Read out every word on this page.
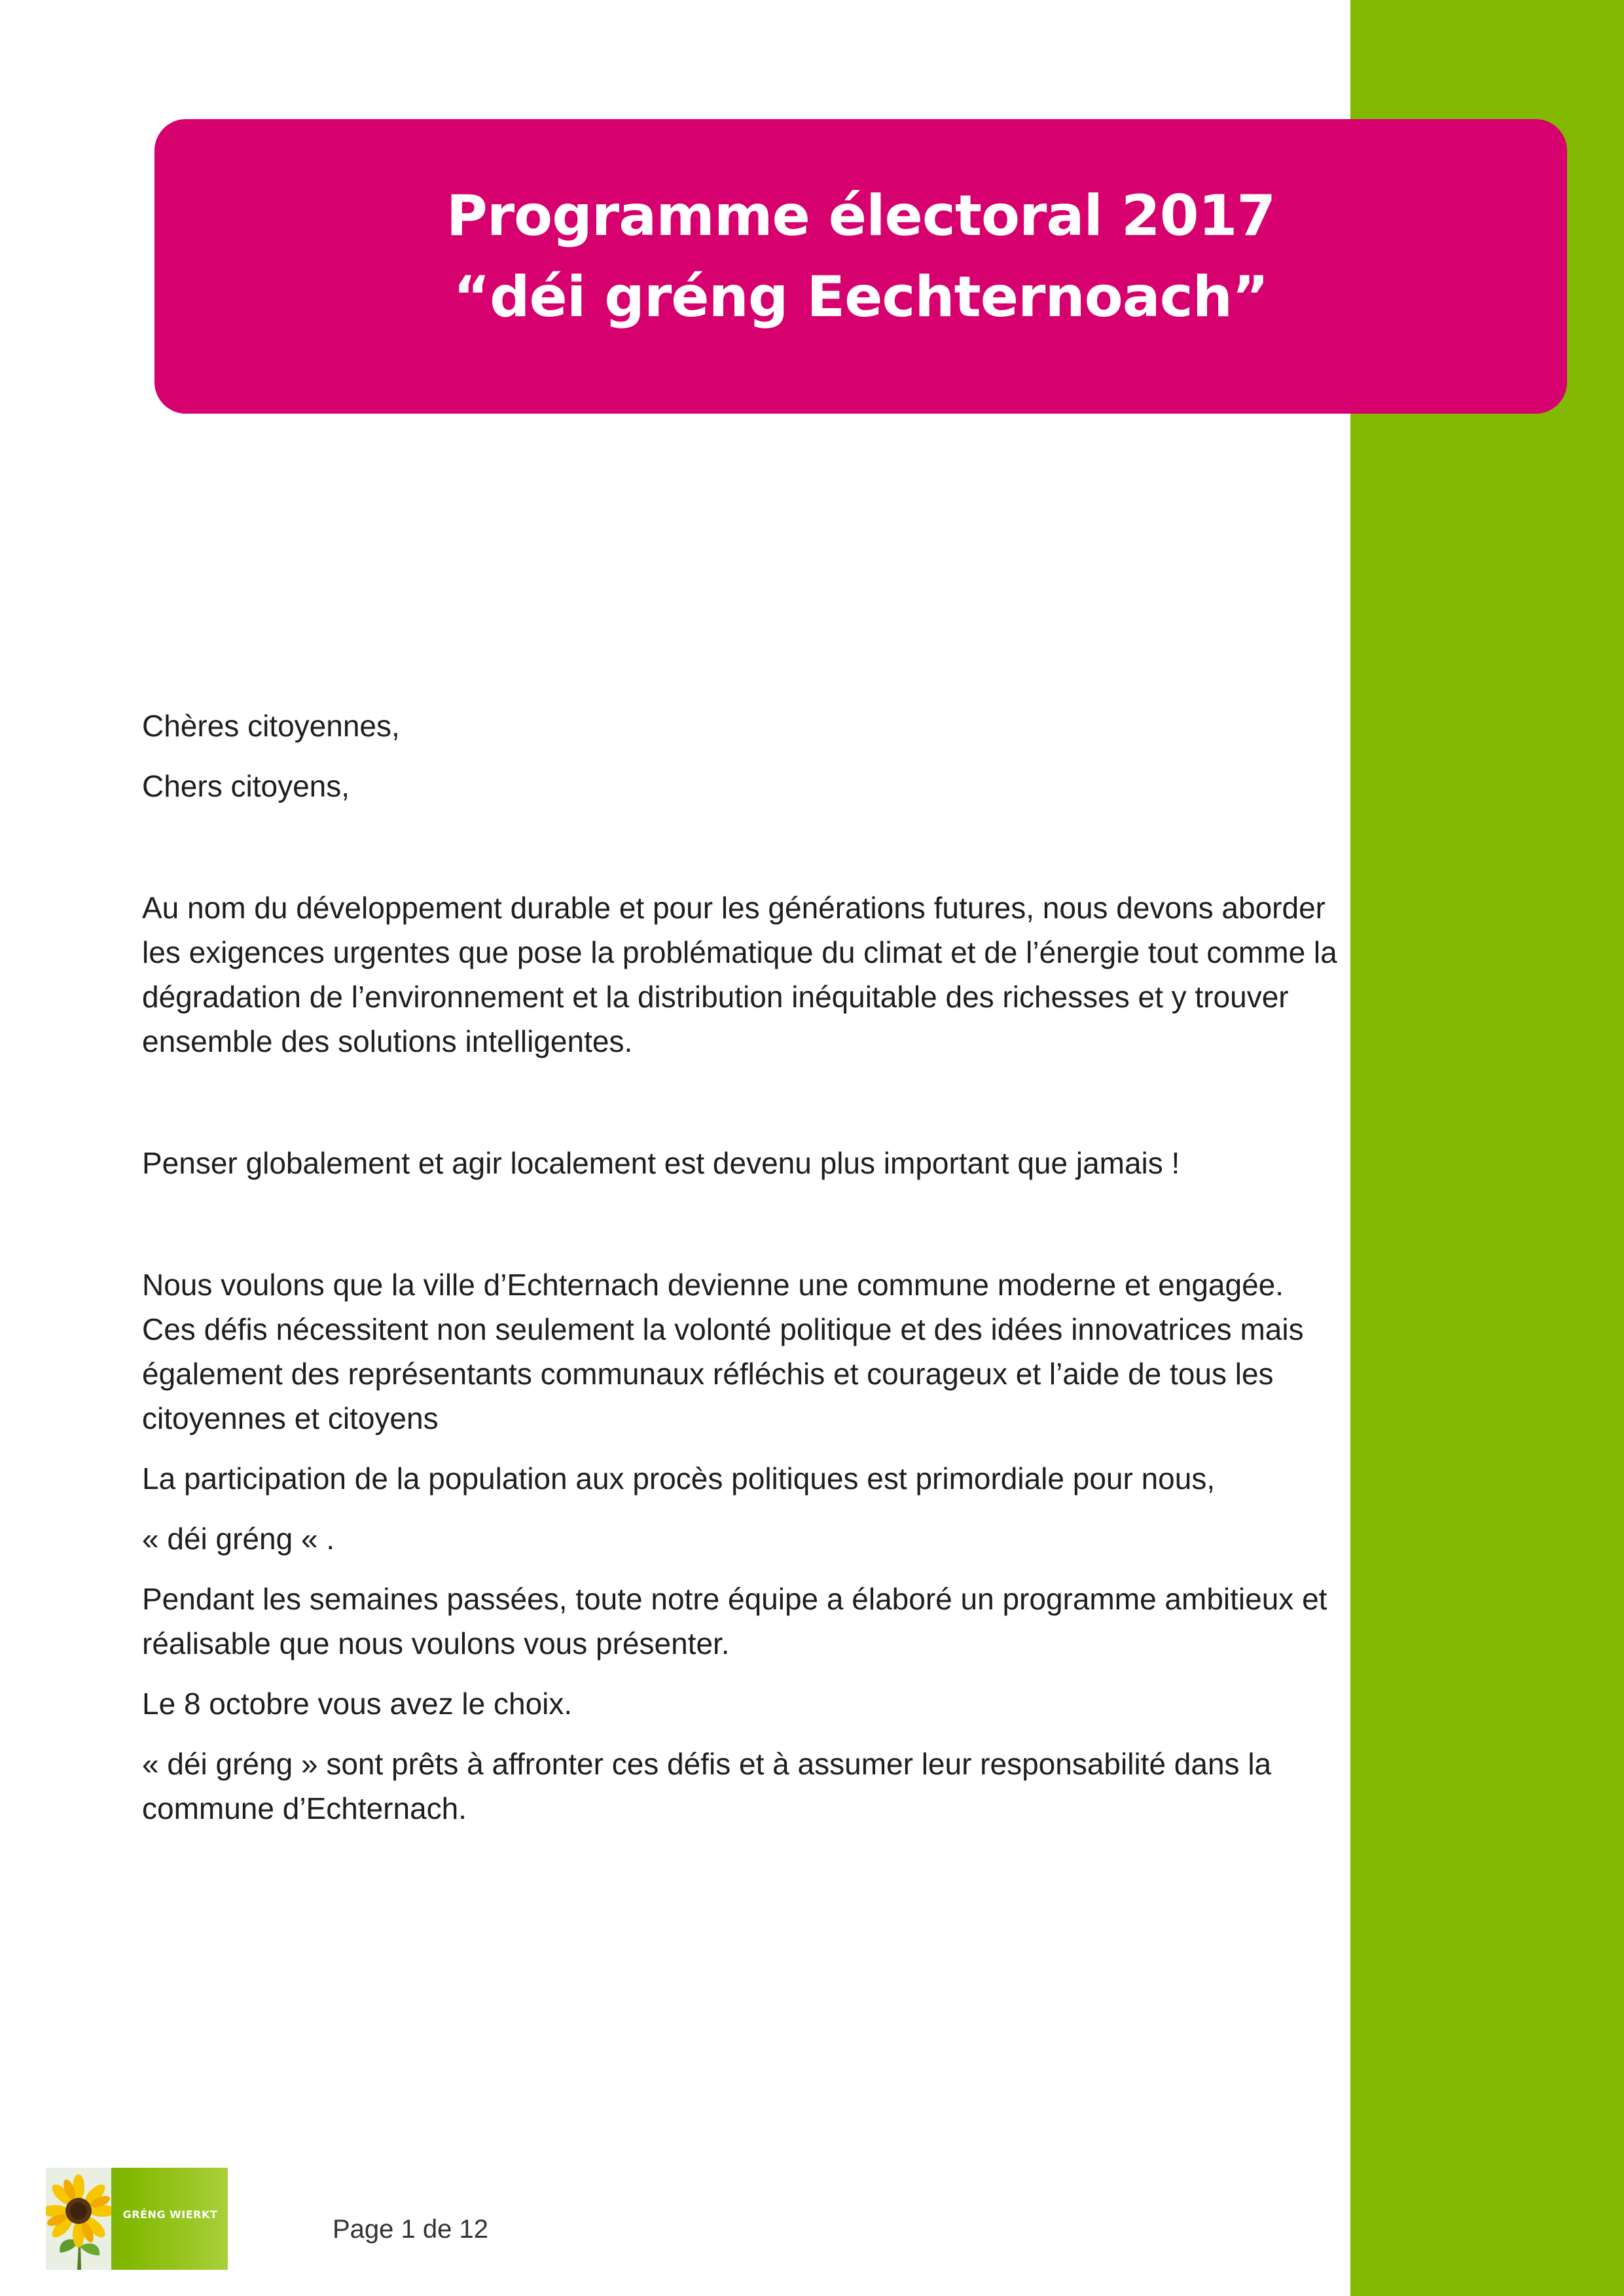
Programme électoral 2017
“déi gréng Eechternoach”

Chères citoyennes,

Chers citoyens,

Au nom du développement durable et pour les générations futures, nous devons aborder les exigences urgentes que pose la problématique du climat et de l’énergie tout comme la dégradation de l’environnement et la distribution inéquitable des richesses et y trouver ensemble des solutions intelligentes.

Penser globalement et agir localement est devenu plus important que jamais !

Nous voulons que la ville d’Echternach devienne une commune moderne et engagée. Ces défis nécessitent non seulement la volonté politique et des idées innovatrices mais également des représentants communaux réfléchis et courageux et l’aide de tous les citoyennes et citoyens

La participation de la population aux procès politiques est primordiale pour nous,

« déi gréng « .

Pendant les semaines passées, toute notre équipe a élaboré un programme ambitieux et réalisable que nous voulons vous présenter.

Le 8 octobre vous avez le choix.

« déi gréng » sont prêts à affronter ces défis et à assumer leur responsabilité dans la commune d’Echternach.

GRÉNG WIERKT
Page 1 de 12
